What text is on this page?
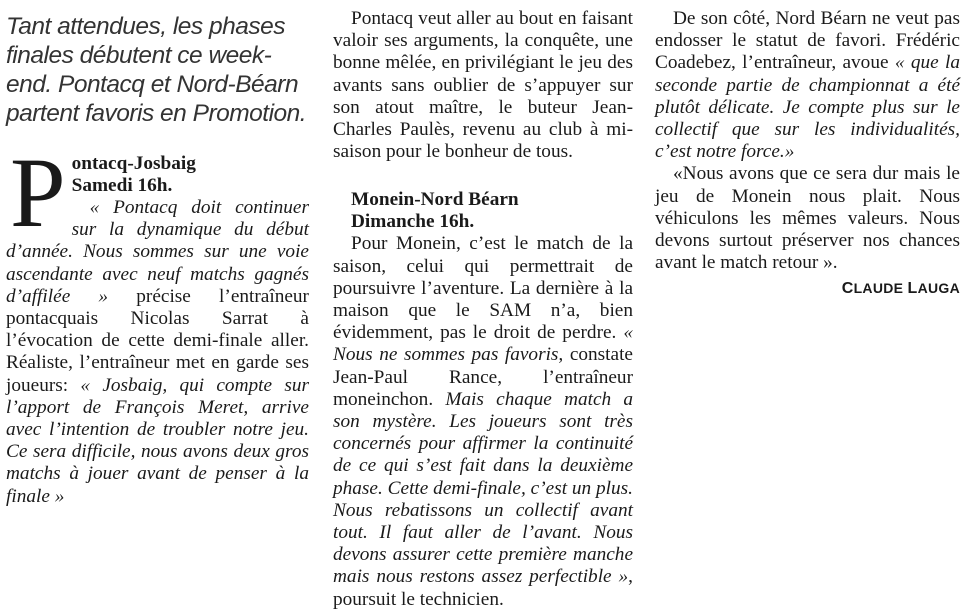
Tant attendues, les phases finales débutent ce week-end. Pontacq et Nord-Béarn partent favoris en Promotion.

P ontacq-Josbaig
Samedi 16h.

« Pontacq doit continuer sur la dynamique du début d’année. Nous sommes sur une voie ascendante avec neuf matchs gagnés d’affilée » précise l’entraîneur pontacquais Nicolas Sarrat à l’évocation de cette demi-finale aller. Réaliste, l’entraîneur met en garde ses joueurs: « Josbaig, qui compte sur l’apport de François Meret, arrive avec l’intention de troubler notre jeu. Ce sera difficile, nous avons deux gros matchs à jouer avant de penser à la finale »

Pontacq veut aller au bout en faisant valoir ses arguments, la conquête, une bonne mêlée, en privilégiant le jeu des avants sans oublier de s’appuyer sur son atout maître, le buteur Jean-Charles Paulès, revenu au club à mi-saison pour le bonheur de tous.

Monein-Nord Béarn
Dimanche 16h.

Pour Monein, c’est le match de la saison, celui qui permettrait de poursuivre l’aventure. La dernière à la maison que le SAM n’a, bien évidemment, pas le droit de perdre. « Nous ne sommes pas favoris, constate Jean-Paul Rance, l’entraîneur moneinchon. Mais chaque match a son mystère. Les joueurs sont très concernés pour affirmer la continuité de ce qui s’est fait dans la deuxième phase. Cette demi-finale, c’est un plus. Nous rebatissons un collectif avant tout. Il faut aller de l’avant. Nous devons assurer cette première manche mais nous restons assez perfectible », poursuit le technicien.

De son côté, Nord Béarn ne veut pas endosser le statut de favori. Frédéric Coadebez, l’entraîneur, avoue « que la seconde partie de championnat a été plutôt délicate. Je compte plus sur le collectif que sur les individualités, c’est notre force.»

«Nous avons que ce sera dur mais le jeu de Monein nous plait. Nous véhiculons les mêmes valeurs. Nous devons surtout préserver nos chances avant le match retour ».

CLAUDE LAUGA
